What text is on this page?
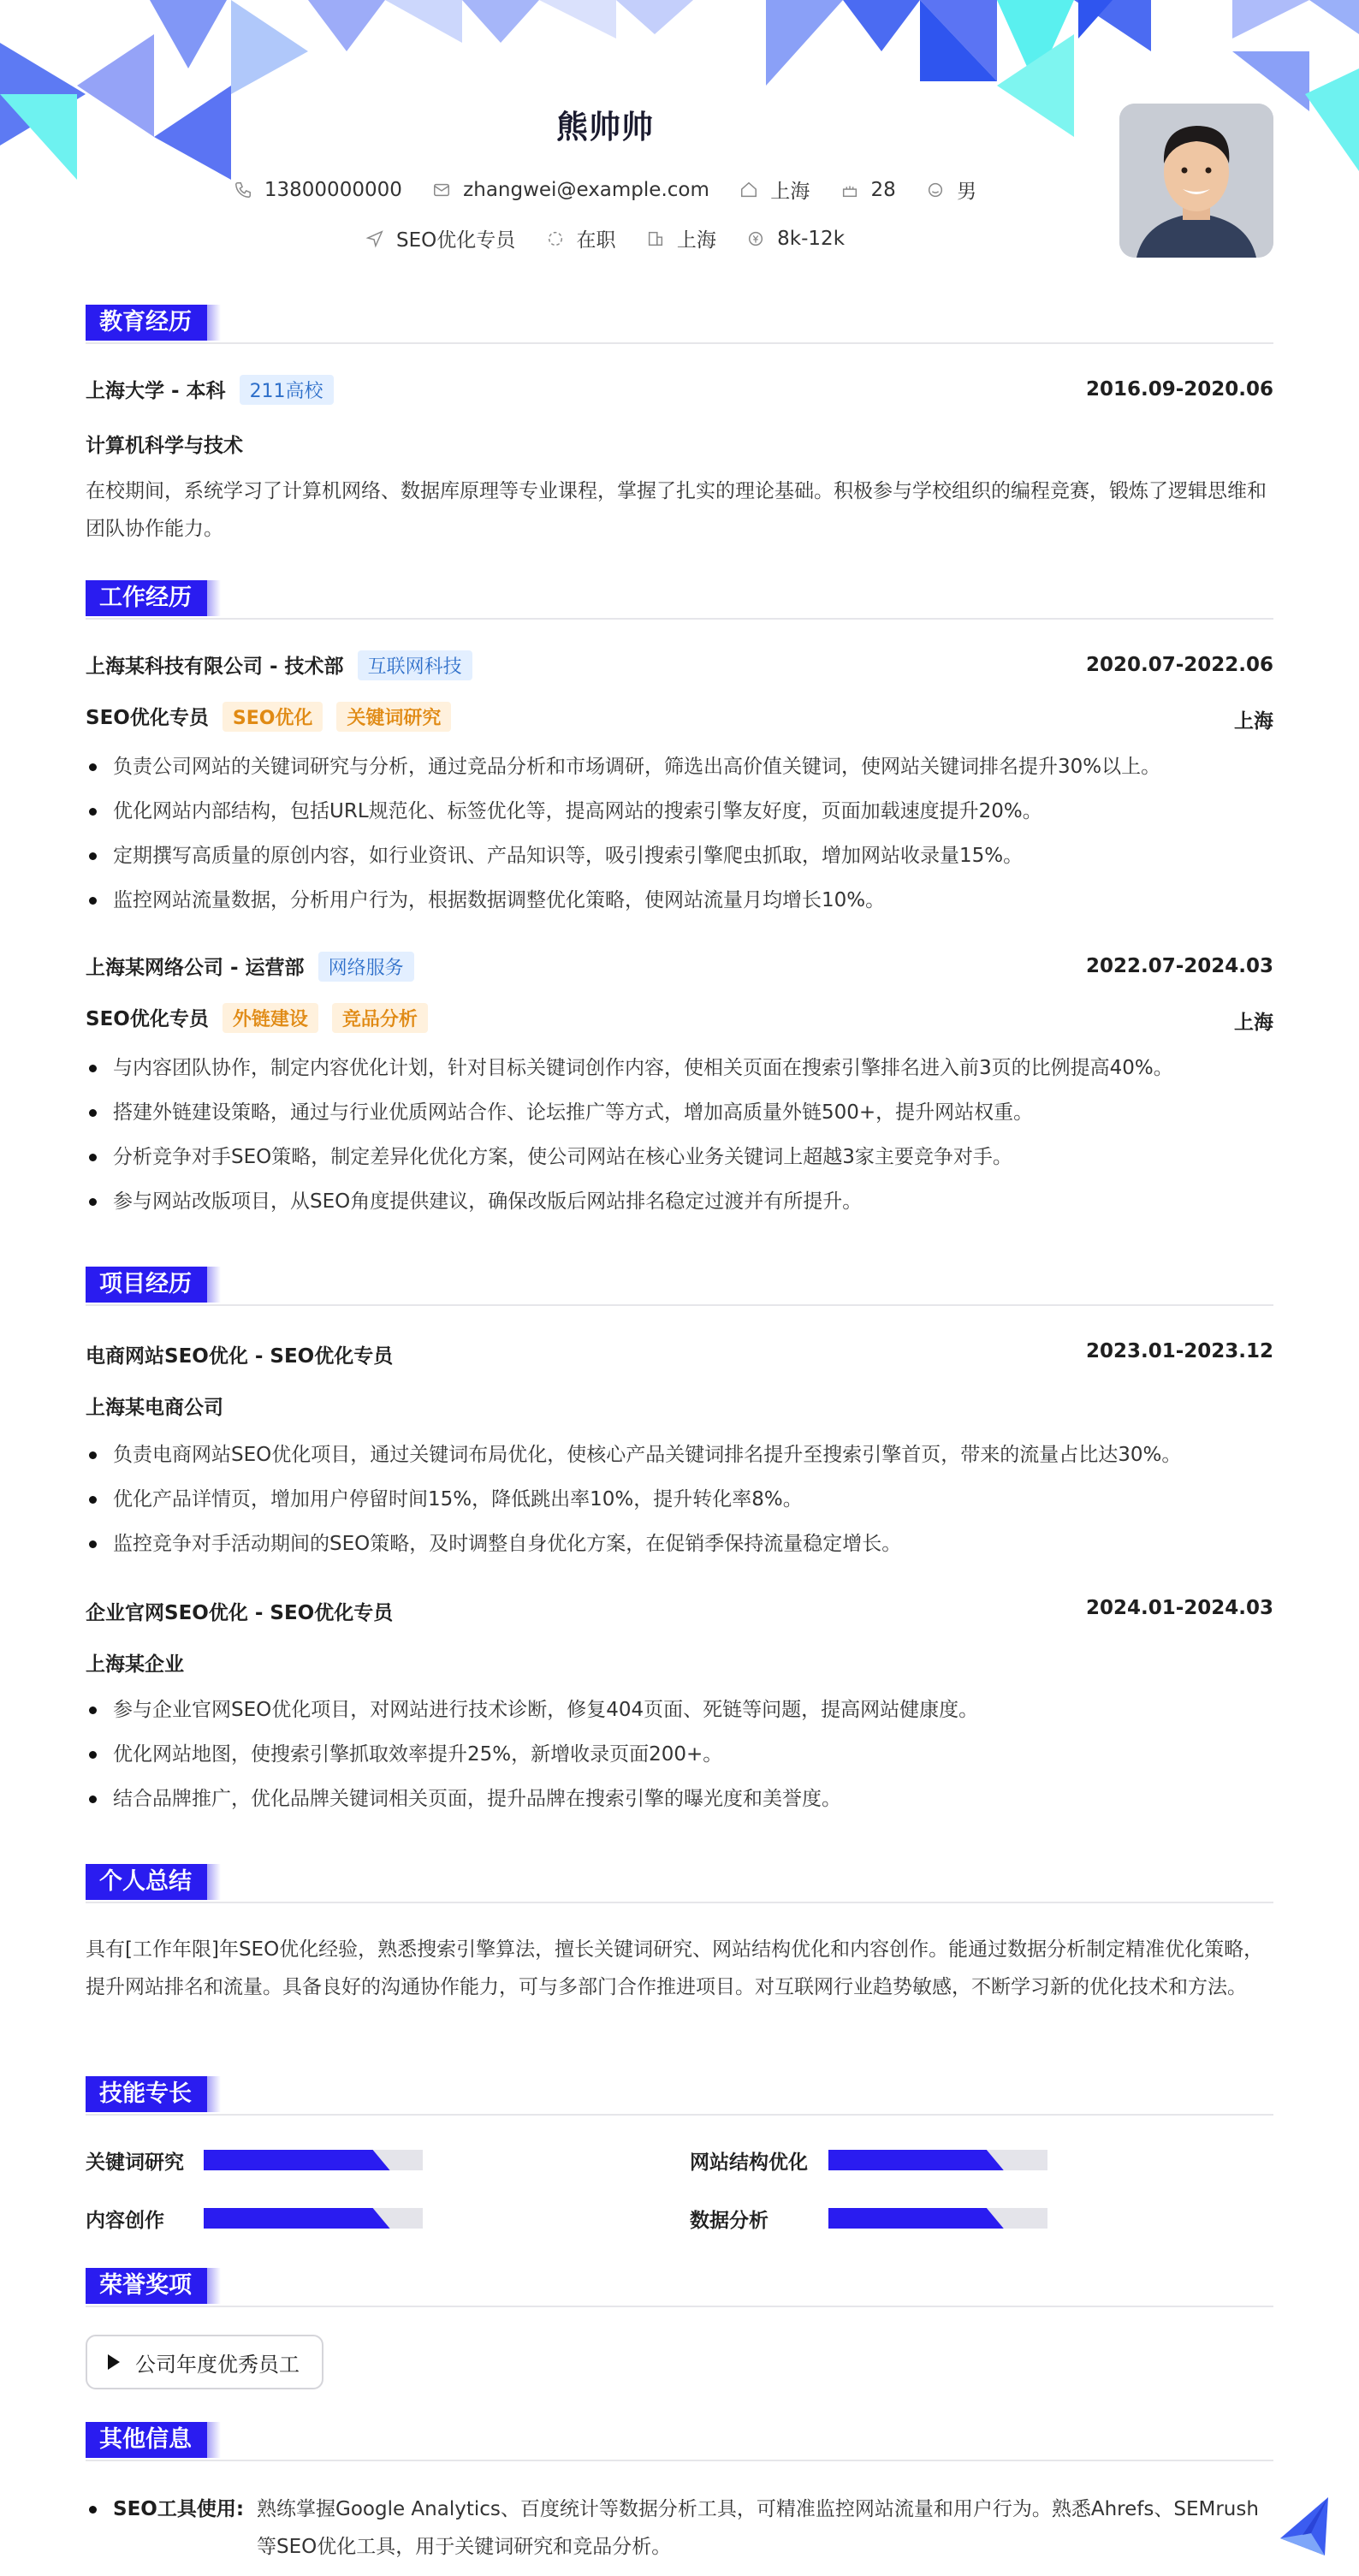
熊帅帅
13800000000
	zhangwei@example.com
	上海
	28
	男
SEO优化专员
	在职
	上海
	8k-12k
教育经历
上海大学 - 本科 211高校	2016.09-2020.06
计算机科学与技术
在校期间，系统学习了计算机网络、数据库原理等专业课程，掌握了扎实的理论基础。积极参与学校组织的编程竞赛，锻炼了逻辑思维和团队协作能力。
工作经历
上海某科技有限公司 - 技术部 互联网科技	2020.07-2022.06
SEO优化专员 SEO优化 关键词研究	上海
负责公司网站的关键词研究与分析，通过竞品分析和市场调研，筛选出高价值关键词，使网站关键词排名提升30%以上。
优化网站内部结构，包括URL规范化、标签优化等，提高网站的搜索引擎友好度，页面加载速度提升20%。
定期撰写高质量的原创内容，如行业资讯、产品知识等，吸引搜索引擎爬虫抓取，增加网站收录量15%。
监控网站流量数据，分析用户行为，根据数据调整优化策略，使网站流量月均增长10%。
上海某网络公司 - 运营部 网络服务	2022.07-2024.03
SEO优化专员 外链建设 竞品分析	上海
与内容团队协作，制定内容优化计划，针对目标关键词创作内容，使相关页面在搜索引擎排名进入前3页的比例提高40%。
搭建外链建设策略，通过与行业优质网站合作、论坛推广等方式，增加高质量外链500+，提升网站权重。
分析竞争对手SEO策略，制定差异化优化方案，使公司网站在核心业务关键词上超越3家主要竞争对手。
参与网站改版项目，从SEO角度提供建议，确保改版后网站排名稳定过渡并有所提升。
项目经历
电商网站SEO优化 - SEO优化专员	2023.01-2023.12
上海某电商公司
负责电商网站SEO优化项目，通过关键词布局优化，使核心产品关键词排名提升至搜索引擎首页，带来的流量占比达30%。
优化产品详情页，增加用户停留时间15%，降低跳出率10%，提升转化率8%。
监控竞争对手活动期间的SEO策略，及时调整自身优化方案，在促销季保持流量稳定增长。
企业官网SEO优化 - SEO优化专员	2024.01-2024.03
上海某企业
参与企业官网SEO优化项目，对网站进行技术诊断，修复404页面、死链等问题，提高网站健康度。
优化网站地图，使搜索引擎抓取效率提升25%，新增收录页面200+。
结合品牌推广，优化品牌关键词相关页面，提升品牌在搜索引擎的曝光度和美誉度。
个人总结
具有[工作年限]年SEO优化经验，熟悉搜索引擎算法，擅长关键词研究、网站结构优化和内容创作。能通过数据分析制定精准优化策略，提升网站排名和流量。具备良好的沟通协作能力，可与多部门合作推进项目。对互联网行业趋势敏感，不断学习新的优化技术和方法。
技能专长
关键词研究	网站结构优化
内容创作	数据分析
荣誉奖项
公司年度优秀员工
其他信息
SEO工具使用: 熟练掌握Google Analytics、百度统计等数据分析工具，可精准监控网站流量和用户行为。熟悉Ahrefs、SEMrush等SEO优化工具，用于关键词研究和竞品分析。
